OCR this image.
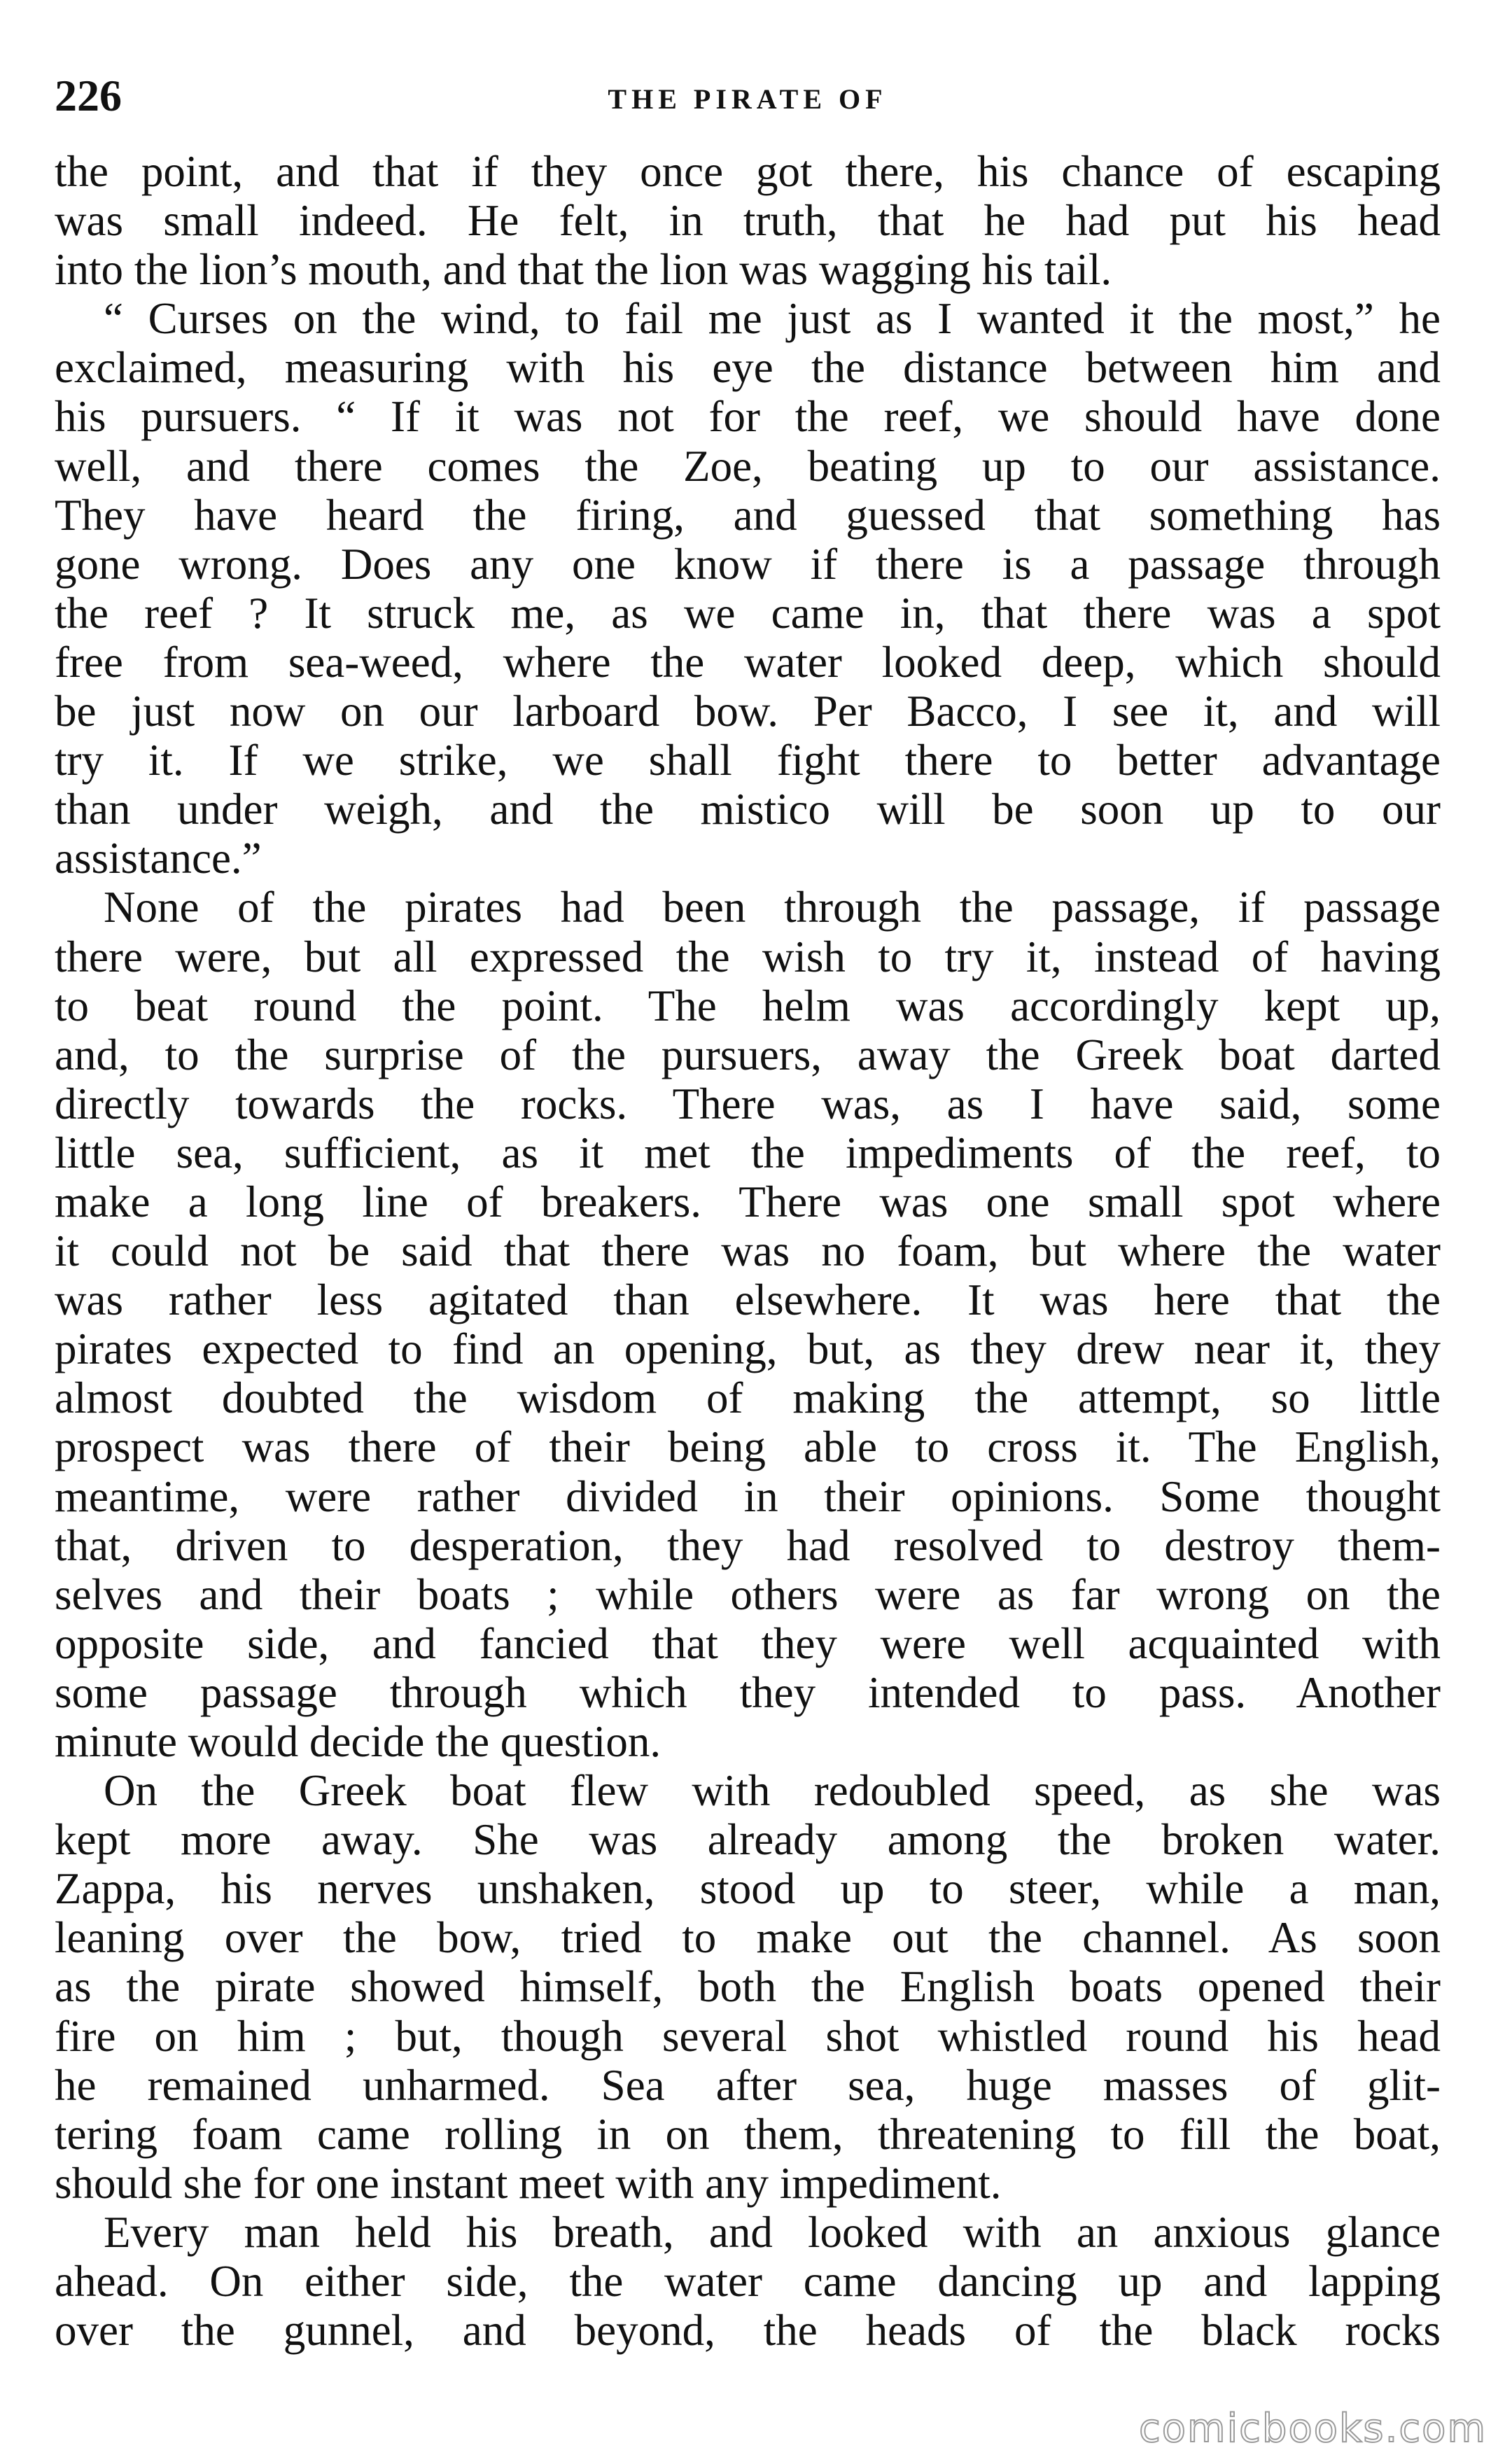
226	THE PIRATE OF
the point, and that if they once got there, his chance of escaping
was small indeed. He felt, in truth, that he had put his head
into the lion’s mouth, and that the lion was wagging his tail.
“ Curses on the wind, to fail me just as I wanted it the most,” he
exclaimed, measuring with his eye the distance between him and
his pursuers. “ If it was not for the reef, we should have done
well, and there comes the Zoe, beating up to our assistance.
They have heard the firing, and guessed that something has
gone wrong. Does any one know if there is a passage through
the reef ? It struck me, as we came in, that there was a spot
free from sea-weed, where the water looked deep, which should
be just now on our larboard bow. Per Bacco, I see it, and will
try it. If we strike, we shall fight there to better advantage
than under weigh, and the mistico will be soon up to our
assistance.”
None of the pirates had been through the passage, if passage
there were, but all expressed the wish to try it, instead of having
to beat round the point. The helm was accordingly kept up,
and, to the surprise of the pursuers, away the Greek boat darted
directly towards the rocks. There was, as I have said, some
little sea, sufficient, as it met the impediments of the reef, to
make a long line of breakers. There was one small spot where
it could not be said that there was no foam, but where the water
was rather less agitated than elsewhere. It was here that the
pirates expected to find an opening, but, as they drew near it, they
almost doubted the wisdom of making the attempt, so little
prospect was there of their being able to cross it. The English,
meantime, were rather divided in their opinions. Some thought
that, driven to desperation, they had resolved to destroy them-
selves and their boats ; while others were as far wrong on the
opposite side, and fancied that they were well acquainted with
some passage through which they intended to pass. Another
minute would decide the question.
On the Greek boat flew with redoubled speed, as she was
kept more away. She was already among the broken water.
Zappa, his nerves unshaken, stood up to steer, while a man,
leaning over the bow, tried to make out the channel. As soon
as the pirate showed himself, both the English boats opened their
fire on him ; but, though several shot whistled round his head
he remained unharmed. Sea after sea, huge masses of glit-
tering foam came rolling in on them, threatening to fill the boat,
should she for one instant meet with any impediment.
Every man held his breath, and looked with an anxious glance
ahead. On either side, the water came dancing up and lapping
over the gunnel, and beyond, the heads of the black rocks
comicbooks.com
